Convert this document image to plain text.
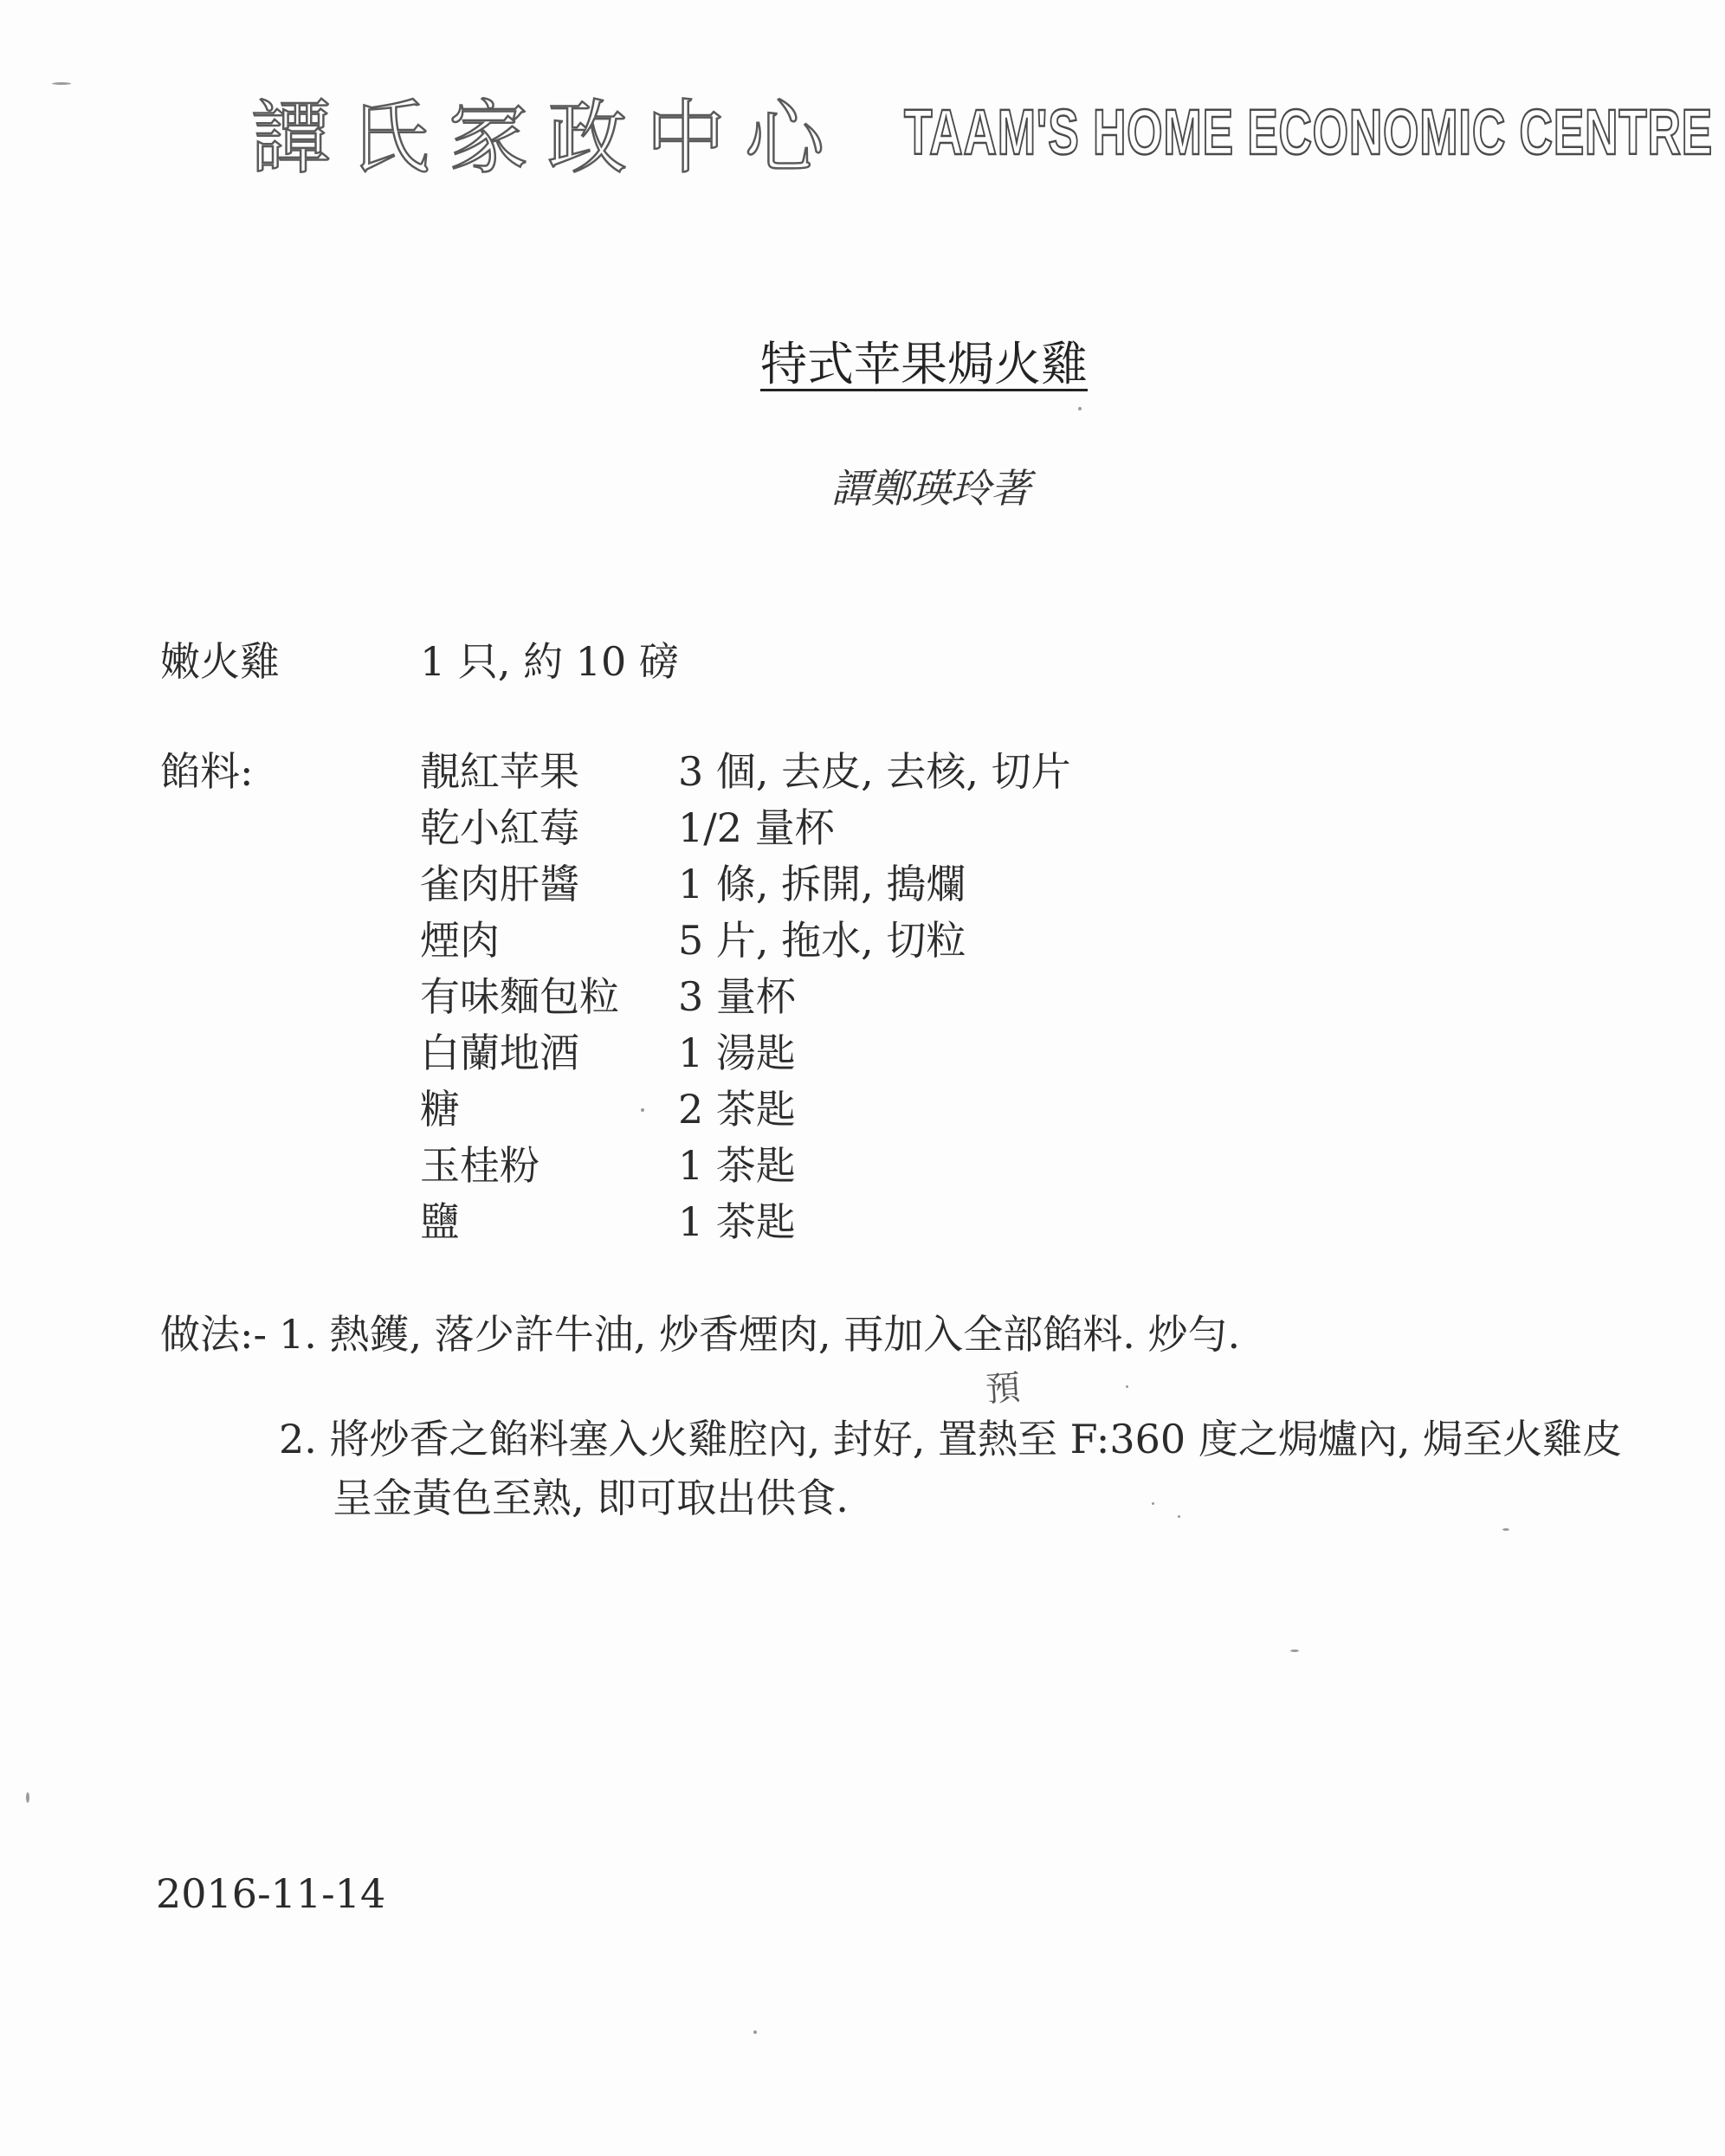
譚氏家政中心 TAAM'S HOME ECONOMIC CENTRE
特式苹果焗火雞
譚鄭瑛玲著
嫩火雞	1 只, 約 10 磅
餡料:	靚紅苹果 3 個, 去皮, 去核, 切片
乾小紅莓 1/2 量杯
雀肉肝醬 1 條, 拆開, 搗爛
煙肉	5 片, 拖水, 切粒
有味麵包粒 3 量杯
白蘭地酒 1 湯匙
糖	2 茶匙
玉桂粉	1 茶匙
鹽	1 茶匙
做法:- 1. 熱鑊, 落少許牛油, 炒香煙肉, 再加入全部餡料. 炒勻.
預
2. 將炒香之餡料塞入火雞腔內, 封好, 置熱至 F:360 度之焗爐內, 焗至火雞皮
呈金黃色至熟, 即可取出供食.
2016-11-14
